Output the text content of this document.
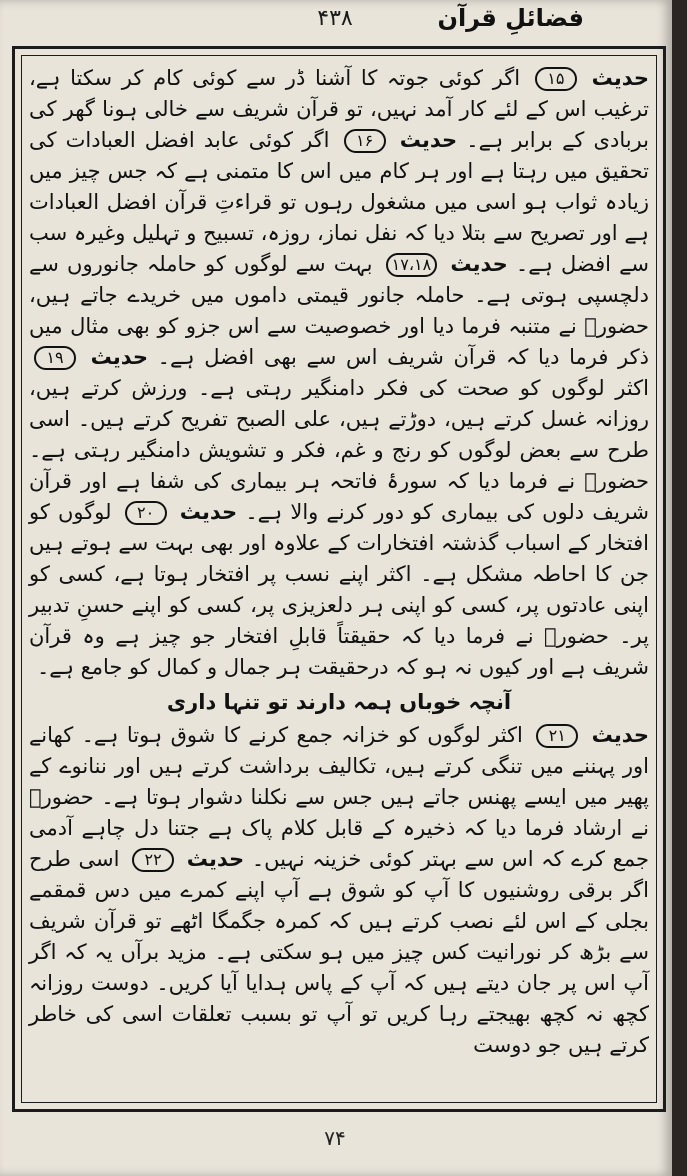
۴۳۸	فضائلِ قرآن

حدیث ۱۵ اگر کوئی جوتہ کا آشنا ڈر سے کوئی کام کر سکتا ہے، ترغیب اس کے لئے کار آمد نہیں، تو قرآن شریف سے خالی ہونا گھر کی بربادی کے برابر ہے۔ حدیث ۱۶ اگر کوئی عابد افضل العبادات کی تحقیق میں رہتا ہے اور ہر کام میں اس کا متمنی ہے کہ جس چیز میں زیادہ ثواب ہو اسی میں مشغول رہوں تو قراءتِ قرآن افضل العبادات ہے اور تصریح سے بتلا دیا کہ نفل نماز، روزہ، تسبیح و تہلیل وغیرہ سب سے افضل ہے۔ حدیث ۱۷،۱۸ بہت سے لوگوں کو حاملہ جانوروں سے دلچسپی ہوتی ہے۔ حاملہ جانور قیمتی داموں میں خریدے جاتے ہیں، حضورؐ نے متنبہ فرما دیا اور خصوصیت سے اس جزو کو بھی مثال میں ذکر فرما دیا کہ قرآن شریف اس سے بھی افضل ہے۔ حدیث ۱۹ اکثر لوگوں کو صحت کی فکر دامنگیر رہتی ہے۔ ورزش کرتے ہیں، روزانہ غسل کرتے ہیں، دوڑتے ہیں، علی الصبح تفریح کرتے ہیں۔ اسی طرح سے بعض لوگوں کو رنج و غم، فکر و تشویش دامنگیر رہتی ہے۔ حضورؐ نے فرما دیا کہ سورۂ فاتحہ ہر بیماری کی شفا ہے اور قرآن شریف دلوں کی بیماری کو دور کرنے والا ہے۔ حدیث ۲۰ لوگوں کو افتخار کے اسباب گذشتہ افتخارات کے علاوہ اور بھی بہت سے ہوتے ہیں جن کا احاطہ مشکل ہے۔ اکثر اپنے نسب پر افتخار ہوتا ہے، کسی کو اپنی عادتوں پر، کسی کو اپنی ہر دلعزیزی پر، کسی کو اپنے حسنِ تدبیر پر۔ حضورؐ نے فرما دیا کہ حقیقتاً قابلِ افتخار جو چیز ہے وہ قرآن شریف ہے اور کیوں نہ ہو کہ درحقیقت ہر جمال و کمال کو جامع ہے۔

آنچہ خوباں ہمہ دارند تو تنہا داری

حدیث ۲۱ اکثر لوگوں کو خزانہ جمع کرنے کا شوق ہوتا ہے۔ کھانے اور پہننے میں تنگی کرتے ہیں، تکالیف برداشت کرتے ہیں اور ننانوے کے پھیر میں ایسے پھنس جاتے ہیں جس سے نکلنا دشوار ہوتا ہے۔ حضورؐ نے ارشاد فرما دیا کہ ذخیرہ کے قابل کلام پاک ہے جتنا دل چاہے آدمی جمع کرے کہ اس سے بہتر کوئی خزینہ نہیں۔ حدیث ۲۲ اسی طرح اگر برقی روشنیوں کا آپ کو شوق ہے آپ اپنے کمرے میں دس قمقمے بجلی کے اس لئے نصب کرتے ہیں کہ کمرہ جگمگا اٹھے تو قرآن شریف سے بڑھ کر نورانیت کس چیز میں ہو سکتی ہے۔ مزید برآں یہ کہ اگر آپ اس پر جان دیتے ہیں کہ آپ کے پاس ہدایا آیا کریں۔ دوست روزانہ کچھ نہ کچھ بھیجتے رہا کریں تو آپ تو بسبب تعلقات اسی کی خاطر کرتے ہیں جو دوست

۷۴
